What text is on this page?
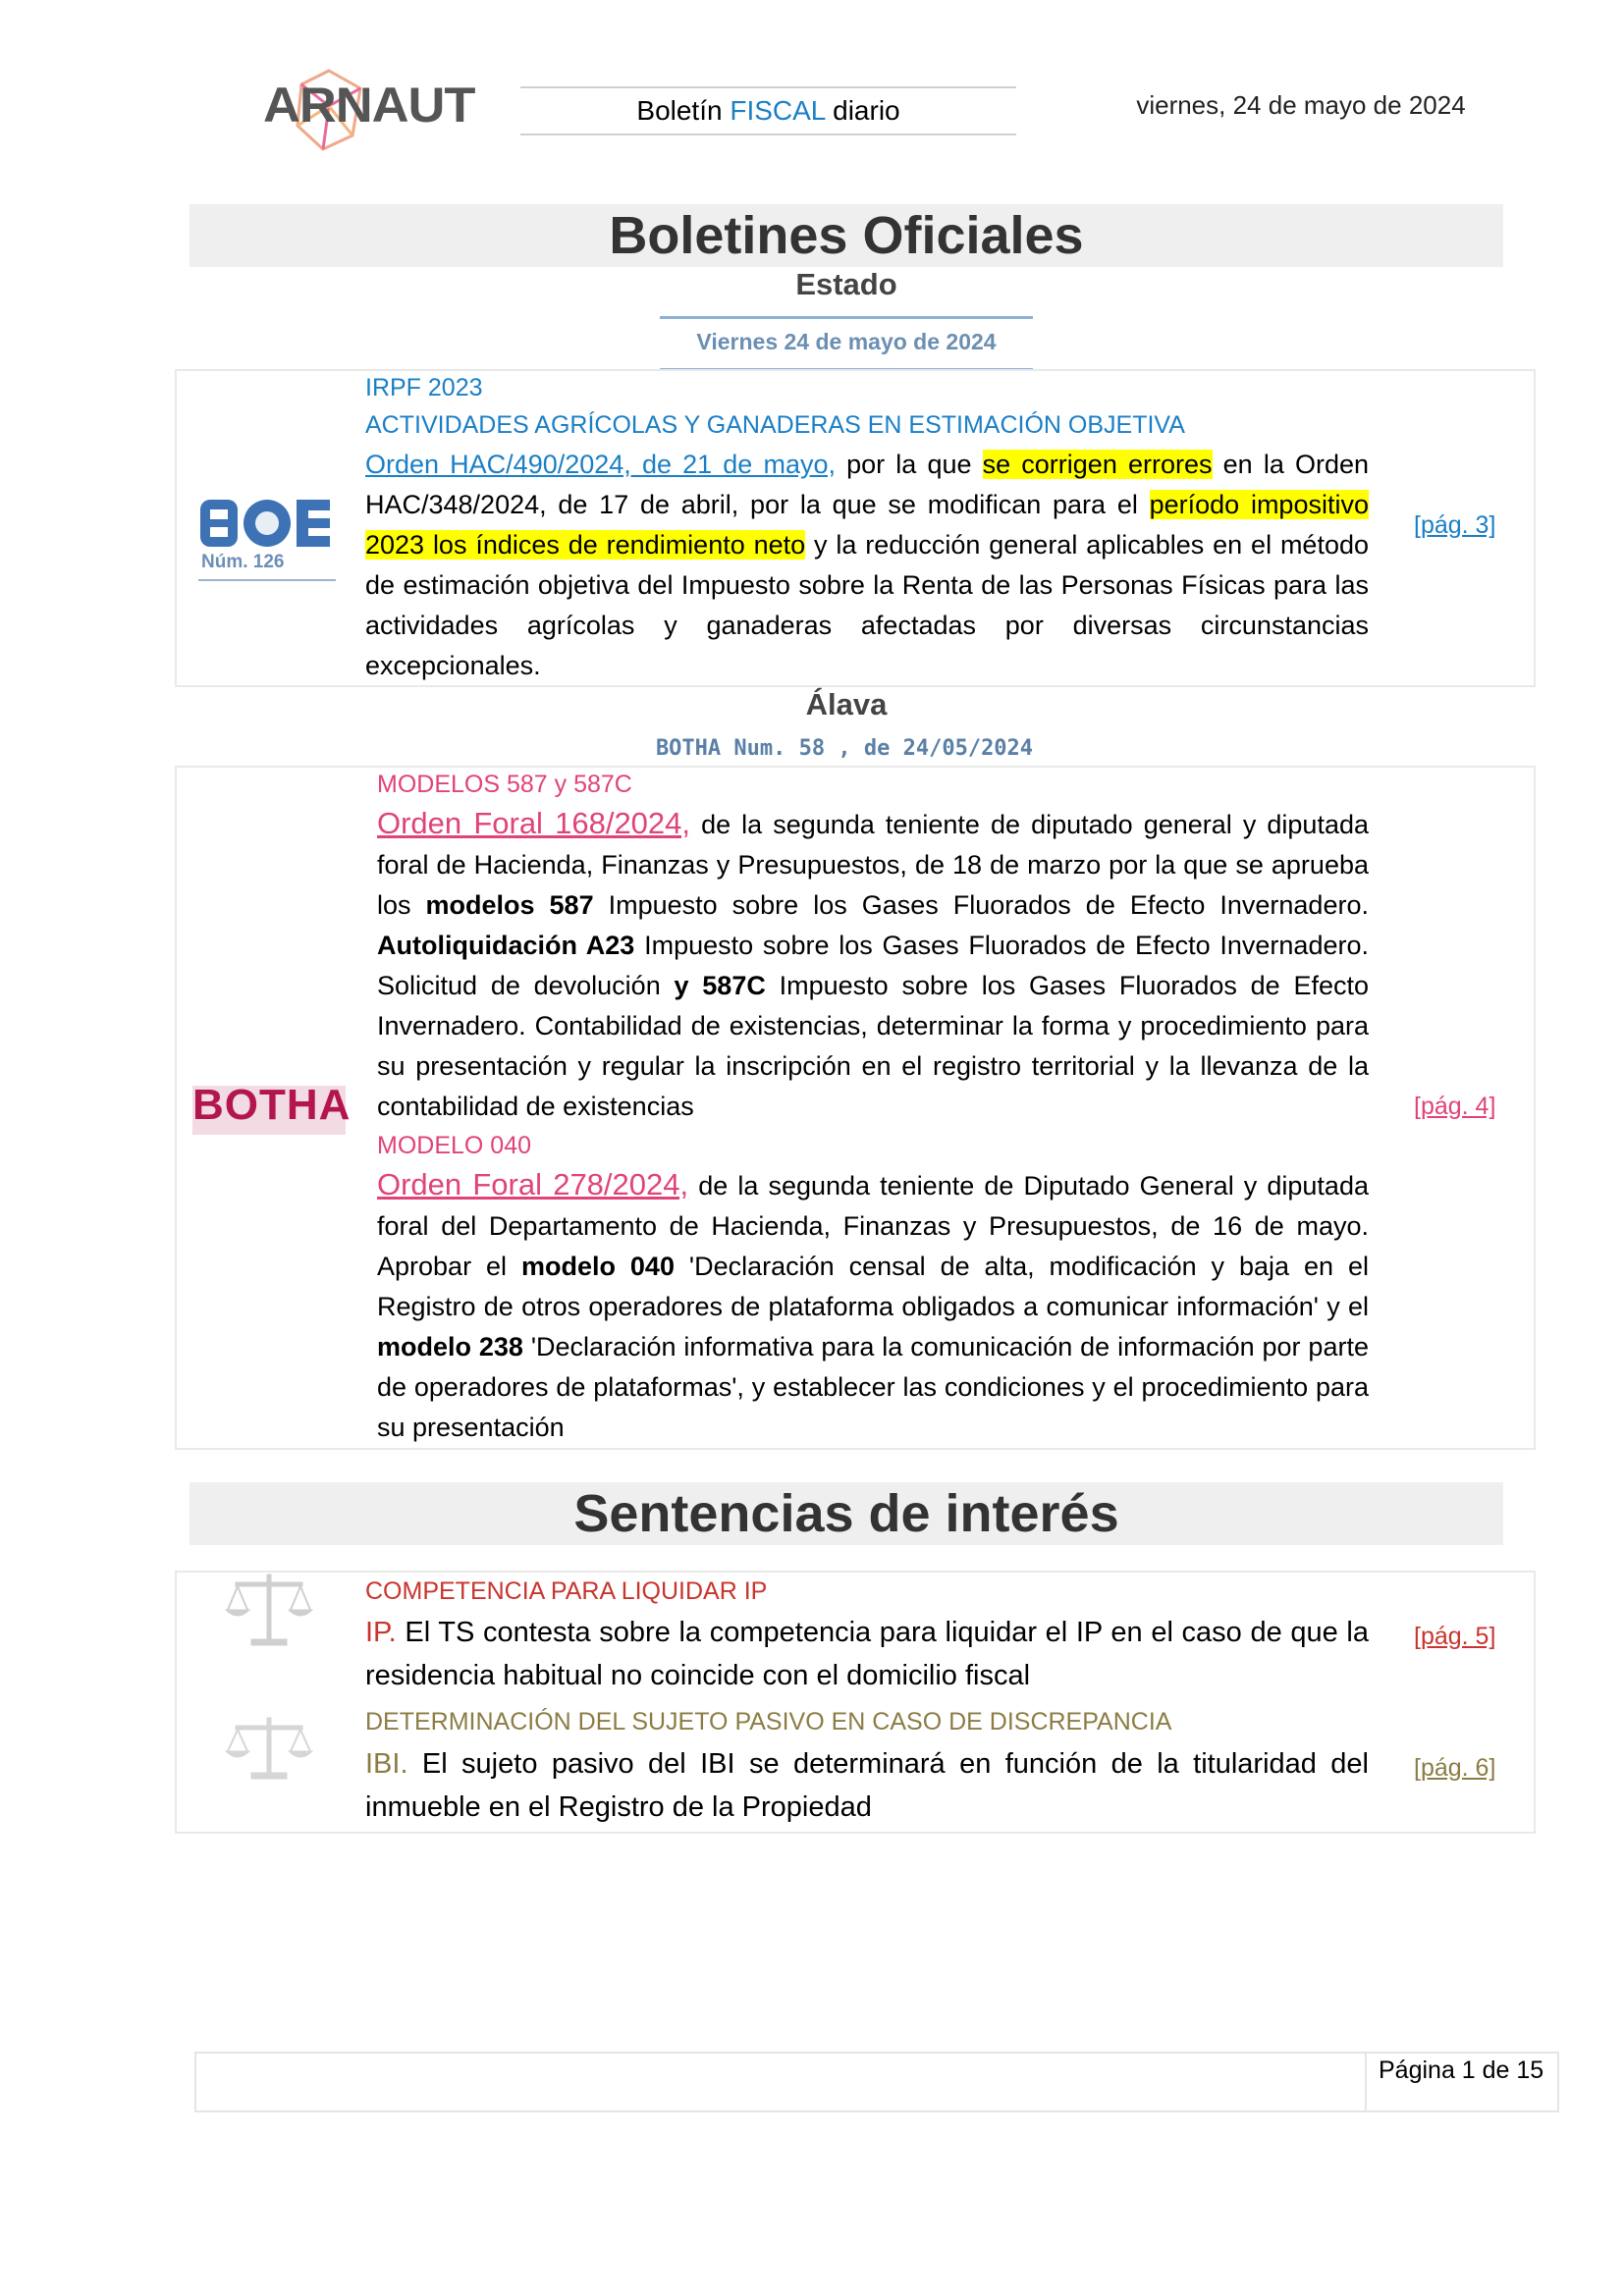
ARNAUT	Boletín FISCAL diario	viernes, 24 de mayo de 2024
Boletines Oficiales
Estado
Viernes 24 de mayo de 2024
Núm. 126
IRPF 2023
ACTIVIDADES AGRÍCOLAS Y GANADERAS EN ESTIMACIÓN OBJETIVA
Orden HAC/490/2024, de 21 de mayo, por la que se corrigen errores en la Orden HAC/348/2024, de 17 de abril, por la que se modifican para el período impositivo 2023 los índices de rendimiento neto y la reducción general aplicables en el método de estimación objetiva del Impuesto sobre la Renta de las Personas Físicas para las actividades agrícolas y ganaderas afectadas por diversas circunstancias excepcionales.
[pág. 3]
Álava
BOTHA Num. 58 , de 24/05/2024
BOTHA
MODELOS 587 y 587C
Orden Foral 168/2024, de la segunda teniente de diputado general y diputada foral de Hacienda, Finanzas y Presupuestos, de 18 de marzo por la que se aprueba los modelos 587 Impuesto sobre los Gases Fluorados de Efecto Invernadero. Autoliquidación A23 Impuesto sobre los Gases Fluorados de Efecto Invernadero. Solicitud de devolución y 587C Impuesto sobre los Gases Fluorados de Efecto Invernadero. Contabilidad de existencias, determinar la forma y procedimiento para su presentación y regular la inscripción en el registro territorial y la llevanza de la contabilidad de existencias
MODELO 040
Orden Foral 278/2024, de la segunda teniente de Diputado General y diputada foral del Departamento de Hacienda, Finanzas y Presupuestos, de 16 de mayo. Aprobar el modelo 040 'Declaración censal de alta, modificación y baja en el Registro de otros operadores de plataforma obligados a comunicar información' y el modelo 238 'Declaración informativa para la comunicación de información por parte de operadores de plataformas', y establecer las condiciones y el procedimiento para su presentación
[pág. 4]
Sentencias de interés
COMPETENCIA PARA LIQUIDAR IP
IP. El TS contesta sobre la competencia para liquidar el IP en el caso de que la residencia habitual no coincide con el domicilio fiscal
[pág. 5]
DETERMINACIÓN DEL SUJETO PASIVO EN CASO DE DISCREPANCIA
IBI. El sujeto pasivo del IBI se determinará en función de la titularidad del inmueble en el Registro de la Propiedad
[pág. 6]
Página 1 de 15
